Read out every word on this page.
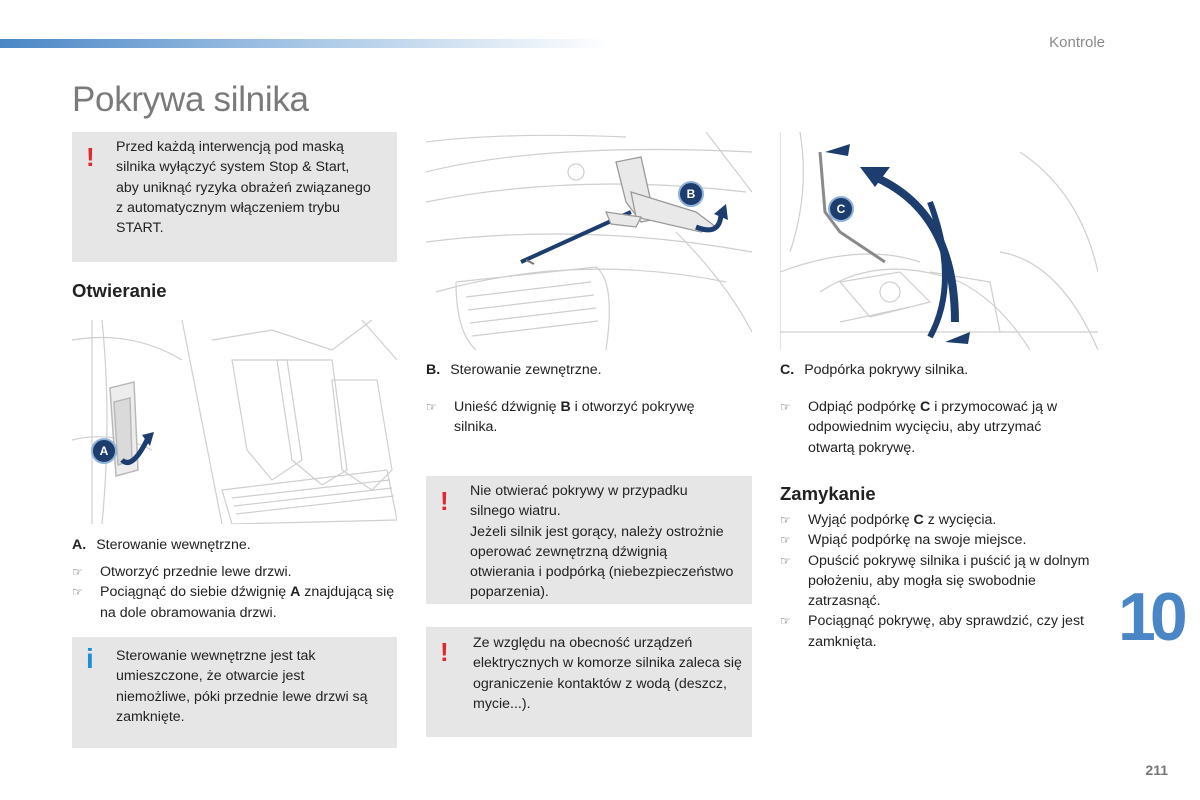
Kontrole
Pokrywa silnika
! Przed każdą interwencją pod maską silnika wyłączyć system Stop & Start, aby uniknąć ryzyka obrażeń związanego z automatycznym włączeniem trybu START.

Otwieranie
A
A. Sterowanie wewnętrzne.
☞ Otworzyć przednie lewe drzwi.
☞ Pociągnąć do siebie dźwignię A znajdującą się na dole obramowania drzwi.
i Sterowanie wewnętrzne jest tak umieszczone, że otwarcie jest niemożliwe, póki przednie lewe drzwi są zamknięte.

B
B. Sterowanie zewnętrzne.
☞ Unieść dźwignię B i otworzyć pokrywę silnika.
! Nie otwierać pokrywy w przypadku silnego wiatru.
Jeżeli silnik jest gorący, należy ostrożnie operować zewnętrzną dźwignią otwierania i podpórką (niebezpieczeństwo poparzenia).

! Ze względu na obecność urządzeń elektrycznych w komorze silnika zaleca się ograniczenie kontaktów z wodą (deszcz, mycie...).

C
C. Podpórka pokrywy silnika.
☞ Odpiąć podpórkę C i przymocować ją w odpowiednim wycięciu, aby utrzymać otwartą pokrywę.
Zamykanie
☞ Wyjąć podpórkę C z wycięcia.
☞ Wpiąć podpórkę na swoje miejsce.
☞ Opuścić pokrywę silnika i puścić ją w dolnym położeniu, aby mogła się swobodnie zatrzasnąć.
☞ Pociągnąć pokrywę, aby sprawdzić, czy jest zamknięta.	10
211
